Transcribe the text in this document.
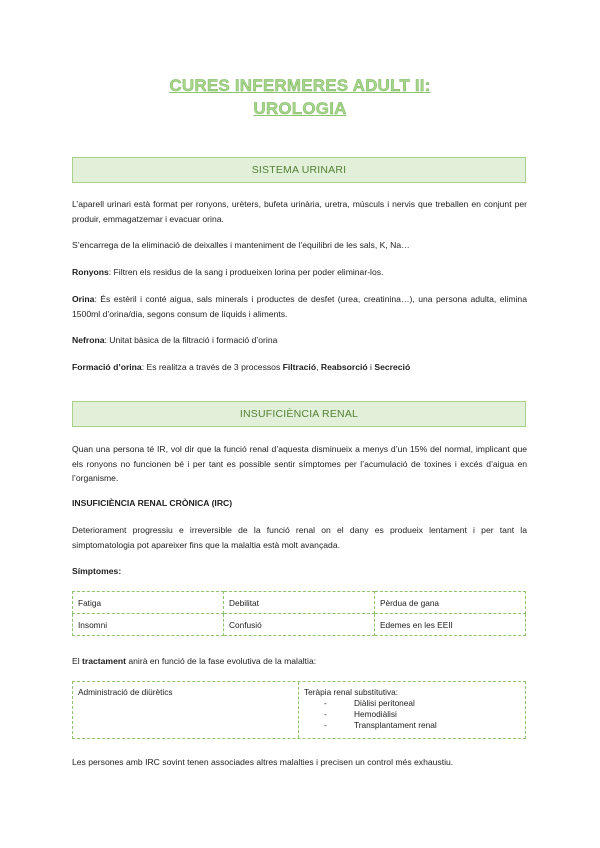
CURES INFERMERES ADULT II:
UROLOGIA
SISTEMA URINARI

L’aparell urinari està format per ronyons, urèters, bufeta urinària, uretra, músculs i nervis que treballen en conjunt per produir, emmagatzemar i evacuar orina.

S’encarrega de la eliminació de deixalles i manteniment de l’equilibri de les sals, K, Na…

Ronyons: Filtren els residus de la sang i produeixen lorina per poder eliminar-los.

Orina: És estèril i conté aigua, sals minerals i productes de desfet (urea, creatinina…), una persona adulta, elimina 1500ml d’orina/dia, segons consum de líquids i aliments.

Nefrona: Unitat bàsica de la filtració i formació d’orina

Formació d’orina: Es realitza a través de 3 processos Filtració, Reabsorció i Secreció

INSUFICIÈNCIA RENAL

Quan una persona té IR, vol dir que la funció renal d’aquesta disminueix a menys d’un 15% del normal, implicant que els ronyons no funcionen bé i per tant es possible sentir símptomes per l’acumulació de toxines i excés d’aigua en l’organisme.

INSUFICIÈNCIA RENAL CRÒNICA (IRC)

Deteriorament progressiu e irreversible de la funció renal on el dany es produeix lentament i per tant la simptomatologia pot apareixer fins que la malaltia està molt avançada.

Símptomes:

Fatiga	Debilitat	Pèrdua de gana
Insomni	Confusió	Edemes en les EEII

El tractament anirà en funció de la fase evolutiva de la malaltia:

Administració de diürètics	Teràpia renal substitutiva:
-	Diàlisi peritoneal
-	Hemodiàlisi
-	Transplantament renal

Les persones amb IRC sovint tenen associades altres malalties i precisen un control més exhaustiu.
